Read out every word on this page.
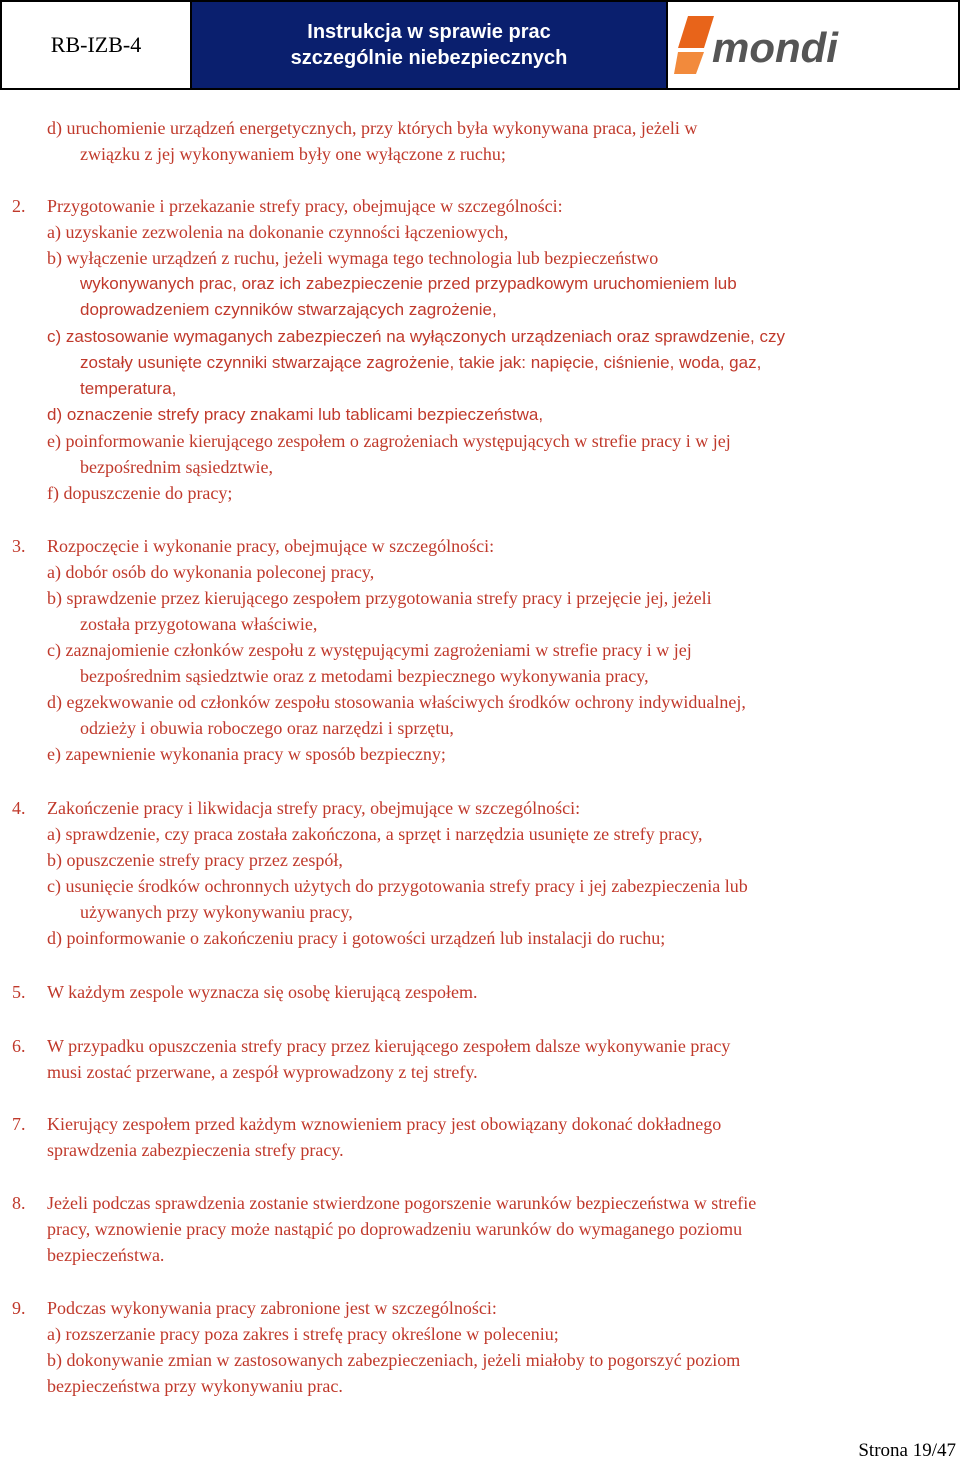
RB-IZB-4	Instrukcja w sprawie prac
szczególnie niebezpiecznych	mondi
d) uruchomienie urządzeń energetycznych, przy których była wykonywana praca, jeżeli w
związku z jej wykonywaniem były one wyłączone z ruchu;
2. Przygotowanie i przekazanie strefy pracy, obejmujące w szczególności:
a) uzyskanie zezwolenia na dokonanie czynności łączeniowych,
b) wyłączenie urządzeń z ruchu, jeżeli wymaga tego technologia lub bezpieczeństwo
wykonywanych prac, oraz ich zabezpieczenie przed przypadkowym uruchomieniem lub
doprowadzeniem czynników stwarzających zagrożenie,
c) zastosowanie wymaganych zabezpieczeń na wyłączonych urządzeniach oraz sprawdzenie, czy
zostały usunięte czynniki stwarzające zagrożenie, takie jak: napięcie, ciśnienie, woda, gaz,
temperatura,
d) oznaczenie strefy pracy znakami lub tablicami bezpieczeństwa,
e) poinformowanie kierującego zespołem o zagrożeniach występujących w strefie pracy i w jej
bezpośrednim sąsiedztwie,
f) dopuszczenie do pracy;
3. Rozpoczęcie i wykonanie pracy, obejmujące w szczególności:
a) dobór osób do wykonania poleconej pracy,
b) sprawdzenie przez kierującego zespołem przygotowania strefy pracy i przejęcie jej, jeżeli
została przygotowana właściwie,
c) zaznajomienie członków zespołu z występującymi zagrożeniami w strefie pracy i w jej
bezpośrednim sąsiedztwie oraz z metodami bezpiecznego wykonywania pracy,
d) egzekwowanie od członków zespołu stosowania właściwych środków ochrony indywidualnej,
odzieży i obuwia roboczego oraz narzędzi i sprzętu,
e) zapewnienie wykonania pracy w sposób bezpieczny;
4. Zakończenie pracy i likwidacja strefy pracy, obejmujące w szczególności:
a) sprawdzenie, czy praca została zakończona, a sprzęt i narzędzia usunięte ze strefy pracy,
b) opuszczenie strefy pracy przez zespół,
c) usunięcie środków ochronnych użytych do przygotowania strefy pracy i jej zabezpieczenia lub
używanych przy wykonywaniu pracy,
d) poinformowanie o zakończeniu pracy i gotowości urządzeń lub instalacji do ruchu;
5. W każdym zespole wyznacza się osobę kierującą zespołem.
6. W przypadku opuszczenia strefy pracy przez kierującego zespołem dalsze wykonywanie pracy
musi zostać przerwane, a zespół wyprowadzony z tej strefy.
7. Kierujący zespołem przed każdym wznowieniem pracy jest obowiązany dokonać dokładnego
sprawdzenia zabezpieczenia strefy pracy.
8. Jeżeli podczas sprawdzenia zostanie stwierdzone pogorszenie warunków bezpieczeństwa w strefie
pracy, wznowienie pracy może nastąpić po doprowadzeniu warunków do wymaganego poziomu
bezpieczeństwa.
9. Podczas wykonywania pracy zabronione jest w szczególności:
a) rozszerzanie pracy poza zakres i strefę pracy określone w poleceniu;
b) dokonywanie zmian w zastosowanych zabezpieczeniach, jeżeli miałoby to pogorszyć poziom
bezpieczeństwa przy wykonywaniu prac.
Strona 19/47
